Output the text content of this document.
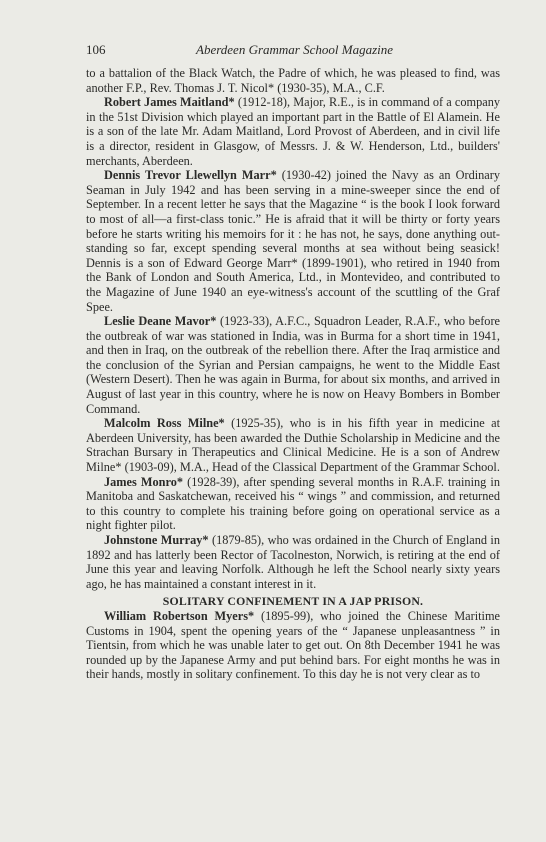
106	Aberdeen Grammar School Magazine

to a battalion of the Black Watch, the Padre of which, he was pleased to find, was another F.P., Rev. Thomas J. T. Nicol* (1930-35), M.A., C.F.

Robert James Maitland* (1912-18), Major, R.E., is in command of a company in the 51st Division which played an important part in the Battle of El Alamein. He is a son of the late Mr. Adam Maitland, Lord Provost of Aberdeen, and in civil life is a director, resident in Glasgow, of Messrs. J. & W. Henderson, Ltd., builders' merchants, Aberdeen.

Dennis Trevor Llewellyn Marr* (1930-42) joined the Navy as an Ordinary Seaman in July 1942 and has been serving in a mine-sweeper since the end of September. In a recent letter he says that the Magazine “ is the book I look forward to most of all—a first-class tonic.” He is afraid that it will be thirty or forty years before he starts writing his memoirs for it : he has not, he says, done anything out-standing so far, except spending several months at sea without being seasick! Dennis is a son of Edward George Marr* (1899-1901), who retired in 1940 from the Bank of London and South America, Ltd., in Montevideo, and contributed to the Magazine of June 1940 an eye-witness's account of the scuttling of the Graf Spee.

Leslie Deane Mavor* (1923-33), A.F.C., Squadron Leader, R.A.F., who before the outbreak of war was stationed in India, was in Burma for a short time in 1941, and then in Iraq, on the outbreak of the rebellion there. After the Iraq armistice and the conclusion of the Syrian and Persian campaigns, he went to the Middle East (Western Desert). Then he was again in Burma, for about six months, and arrived in August of last year in this country, where he is now on Heavy Bombers in Bomber Command.

Malcolm Ross Milne* (1925-35), who is in his fifth year in medicine at Aberdeen University, has been awarded the Duthie Scholarship in Medicine and the Strachan Bursary in Therapeutics and Clinical Medicine. He is a son of Andrew Milne* (1903-09), M.A., Head of the Classical Department of the Grammar School.

James Monro* (1928-39), after spending several months in R.A.F. training in Manitoba and Saskatchewan, received his “ wings ” and commission, and returned to this country to complete his training before going on operational service as a night fighter pilot.

Johnstone Murray* (1879-85), who was ordained in the Church of England in 1892 and has latterly been Rector of Tacolneston, Norwich, is retiring at the end of June this year and leaving Norfolk. Although he left the School nearly sixty years ago, he has maintained a constant interest in it.

SOLITARY CONFINEMENT IN A JAP PRISON.

William Robertson Myers* (1895-99), who joined the Chinese Maritime Customs in 1904, spent the opening years of the “ Japanese unpleasantness ” in Tientsin, from which he was unable later to get out. On 8th December 1941 he was rounded up by the Japanese Army and put behind bars. For eight months he was in their hands, mostly in solitary confinement. To this day he is not very clear as to
